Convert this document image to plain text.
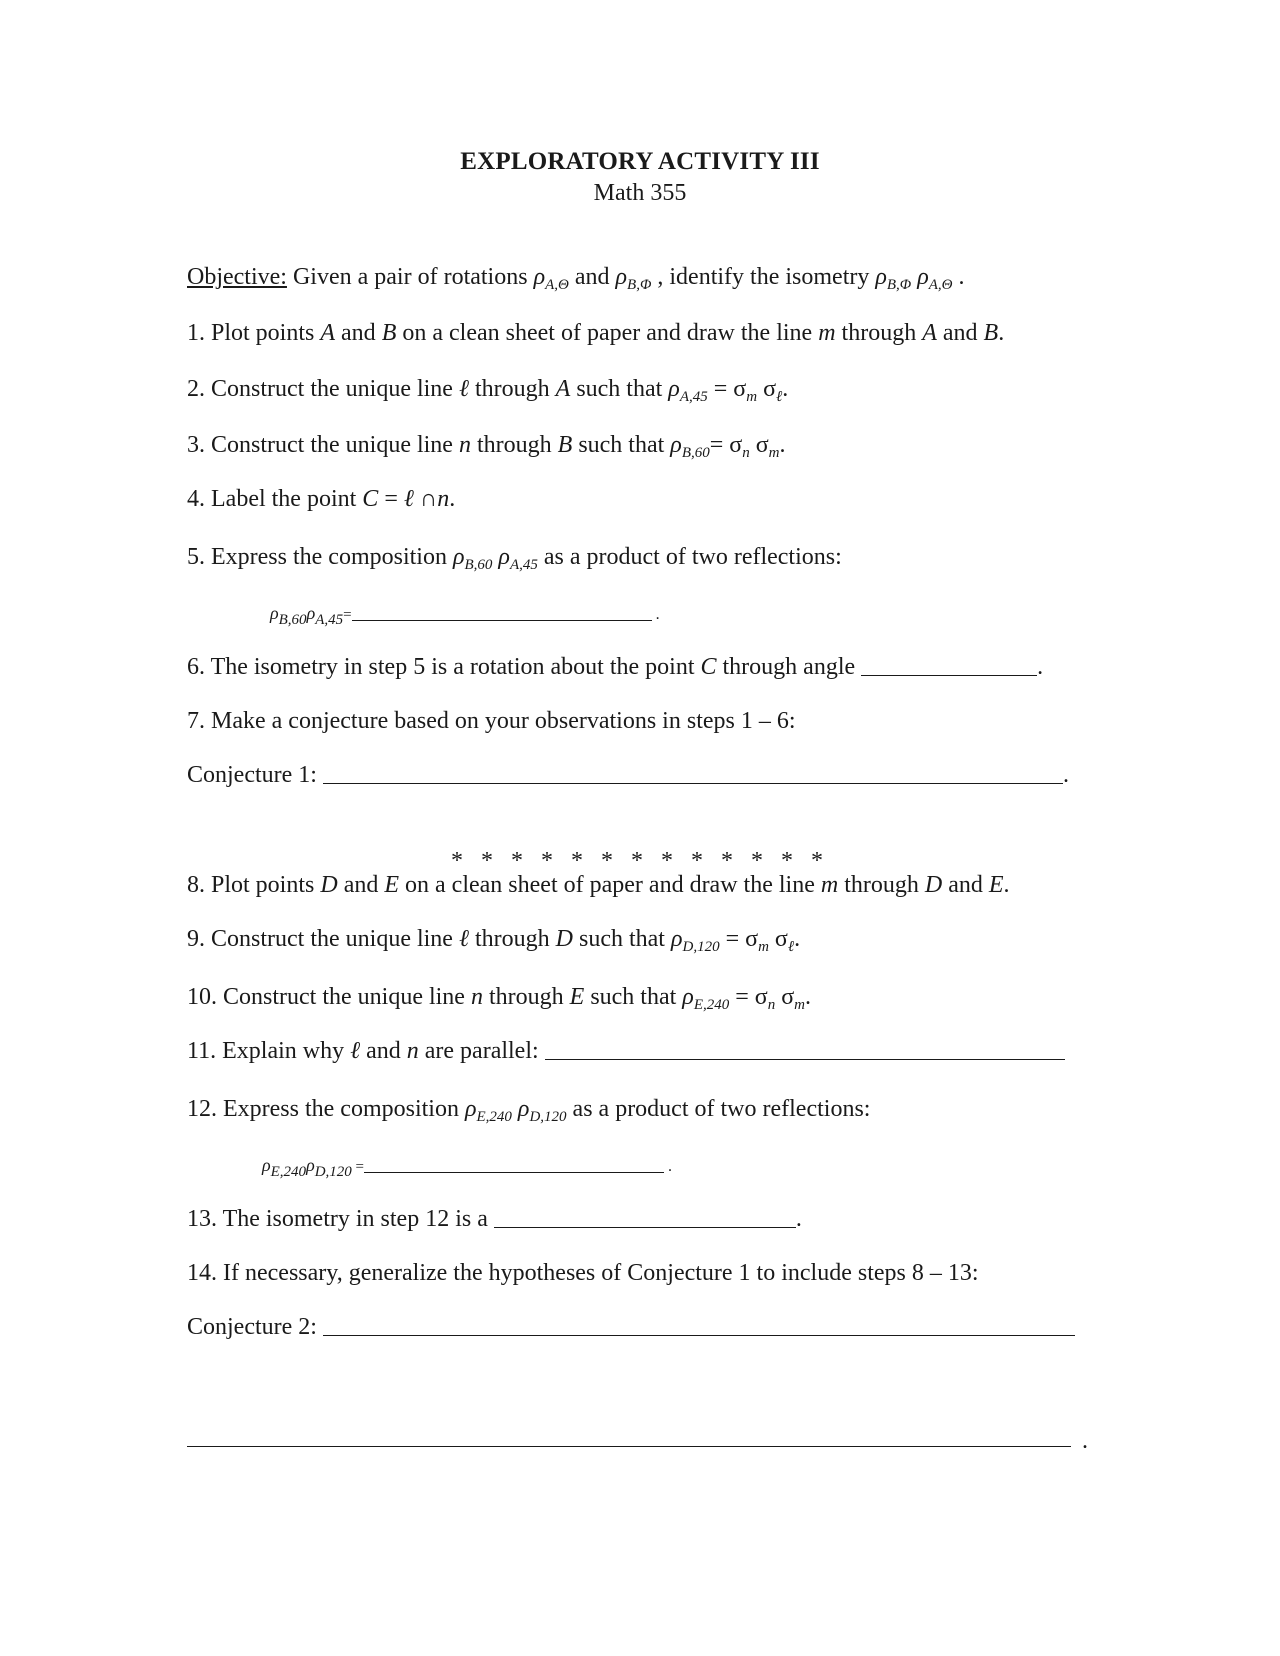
EXPLORATORY ACTIVITY III
Math 355
Objective: Given a pair of rotations $\rho_{A,\Theta}$ and $\rho_{B,\Phi}$ , identify the isometry $\rho_{B,\Phi}$ $\rho_{A,\Theta}$ .
1. Plot points A and B on a clean sheet of paper and draw the line m through A and B.
2. Construct the unique line ℓ through A such that $\rho_{A,45} = \sigma_m$ $\sigma_\ell$.
3. Construct the unique line n through B such that $\rho_{B,60}= \sigma_n$ $\sigma_m$.
4. Label the point C = ℓ ∩n.
5. Express the composition $\rho_{B,60}$ $\rho_{A,45}$ as a product of two reflections:
$\rho_{B,60}\rho_{A,45}=$	.
6. The isometry in step 5 is a rotation about the point C through angle	.
7. Make a conjecture based on your observations in steps 1 – 6:
Conjecture 1:	.
* * * * * * * * * * * * *
8. Plot points D and E on a clean sheet of paper and draw the line m through D and E.
9. Construct the unique line ℓ through D such that $\rho_{D,120} = \sigma_m$ $\sigma_\ell$.
10. Construct the unique line n through E such that $\rho_{E,240} = \sigma_n$ $\sigma_m$.
11. Explain why ℓ and n are parallel:
12. Express the composition $\rho_{E,240}$ $\rho_{D,120}$ as a product of two reflections:
$\rho_{E,240}\rho_{D,120}$ =	.
13. The isometry in step 12 is a	.
14. If necessary, generalize the hypotheses of Conjecture 1 to include steps 8 – 13:
Conjecture 2:
.
